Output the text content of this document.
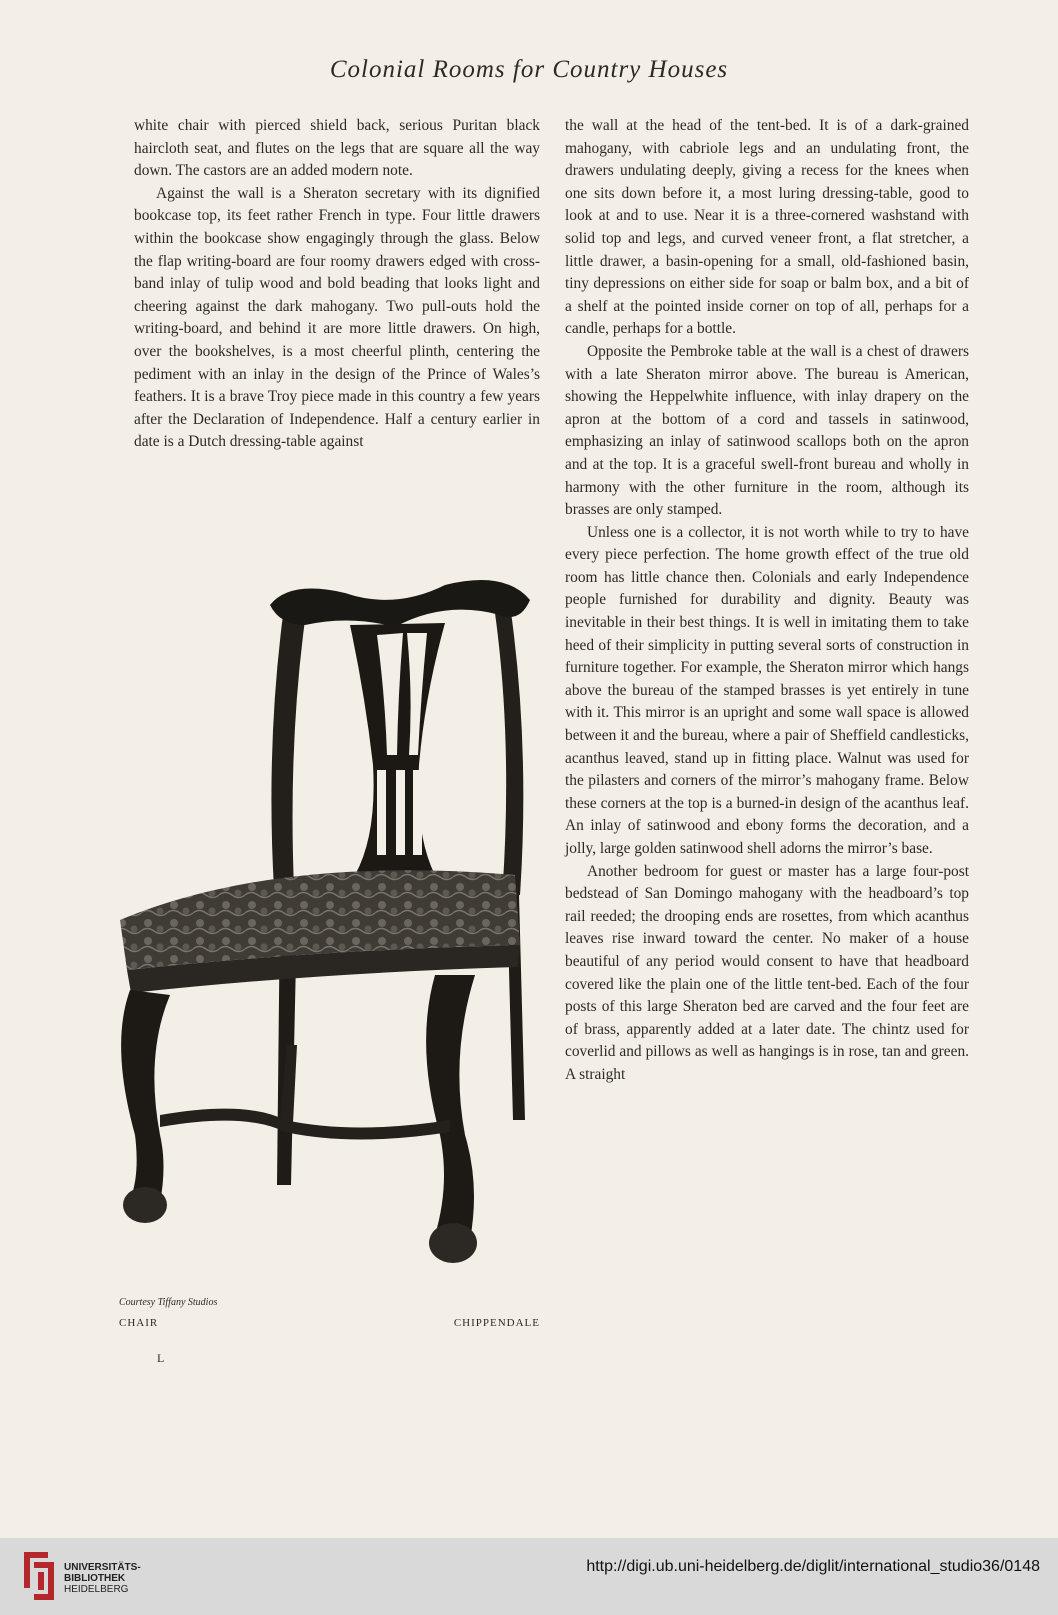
Colonial Rooms for Country Houses

white chair with pierced shield back, serious Puritan black haircloth seat, and flutes on the legs that are square all the way down. The castors are an added modern note.

Against the wall is a Sheraton secretary with its dignified bookcase top, its feet rather French in type. Four little drawers within the bookcase show engagingly through the glass. Below the flap writing-board are four roomy drawers edged with cross-band inlay of tulip wood and bold beading that looks light and cheering against the dark mahogany. Two pull-outs hold the writing-board, and behind it are more little drawers. On high, over the bookshelves, is a most cheerful plinth, centering the pediment with an inlay in the design of the Prince of Wales’s feathers. It is a brave Troy piece made in this country a few years after the Declaration of Independence. Half a century earlier in date is a Dutch dressing-table against

the wall at the head of the tent-bed. It is of a dark-grained mahogany, with cabriole legs and an undulating front, the drawers undulating deeply, giving a recess for the knees when one sits down before it, a most luring dressing-table, good to look at and to use. Near it is a three-cornered washstand with solid top and legs, and curved veneer front, a flat stretcher, a little drawer, a basin-opening for a small, old-fashioned basin, tiny depressions on either side for soap or balm box, and a bit of a shelf at the pointed inside corner on top of all, perhaps for a candle, perhaps for a bottle.

Opposite the Pembroke table at the wall is a chest of drawers with a late Sheraton mirror above. The bureau is American, showing the Heppelwhite influence, with inlay drapery on the apron at the bottom of a cord and tassels in satinwood, emphasizing an inlay of satinwood scallops both on the apron and at the top. It is a graceful swell-front bureau and wholly in harmony with the other furniture in the room, although its brasses are only stamped.

Unless one is a collector, it is not worth while to try to have every piece perfection. The home growth effect of the true old room has little chance then. Colonials and early Independence people furnished for durability and dignity. Beauty was inevitable in their best things. It is well in imitating them to take heed of their simplicity in putting several sorts of construction in furniture together. For example, the Sheraton mirror which hangs above the bureau of the stamped brasses is yet entirely in tune with it. This mirror is an upright and some wall space is allowed between it and the bureau, where a pair of Sheffield candlesticks, acanthus leaved, stand up in fitting place. Walnut was used for the pilasters and corners of the mirror’s mahogany frame. Below these corners at the top is a burned-in design of the acanthus leaf. An inlay of satinwood and ebony forms the decoration, and a jolly, large golden satinwood shell adorns the mirror’s base.

Another bedroom for guest or master has a large four-post bedstead of San Domingo mahogany with the headboard’s top rail reeded; the drooping ends are rosettes, from which acanthus leaves rise inward toward the center. No maker of a house beautiful of any period would consent to have that headboard covered like the plain one of the little tent-bed. Each of the four posts of this large Sheraton bed are carved and the four feet are of brass, apparently added at a later date. The chintz used for coverlid and pillows as well as hangings is in rose, tan and green. A straight

Courtesy Tiffany Studios
CHAIR	CHIPPENDALE
L
UNIVERSITÄTS-
BIBLIOTHEK
HEIDELBERG
http://digi.ub.uni-heidelberg.de/diglit/international_studio36/0148
